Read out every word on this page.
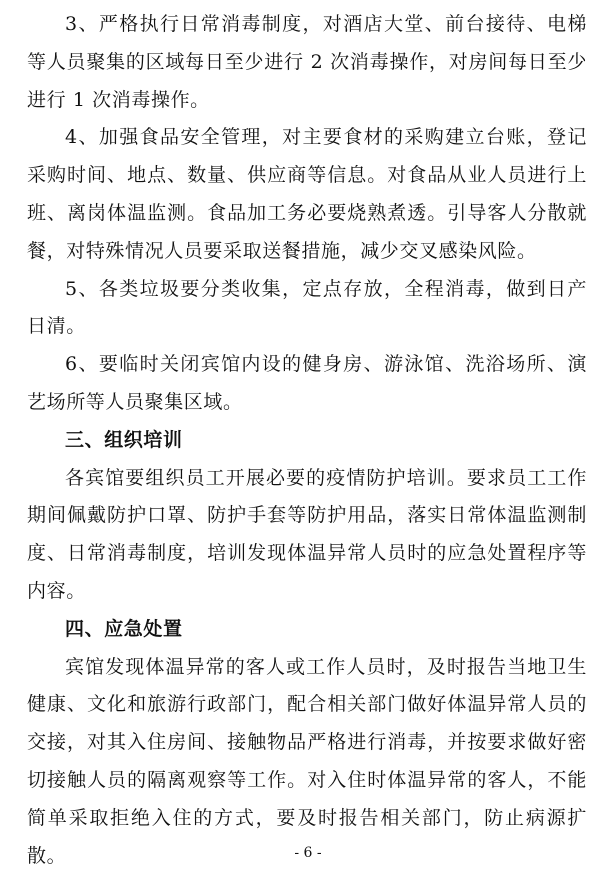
3、严格执行日常消毒制度，对酒店大堂、前台接待、电梯等人员聚集的区域每日至少进行 2 次消毒操作，对房间每日至少进行 1 次消毒操作。

4、加强食品安全管理，对主要食材的采购建立台账，登记采购时间、地点、数量、供应商等信息。对食品从业人员进行上班、离岗体温监测。食品加工务必要烧熟煮透。引导客人分散就餐，对特殊情况人员要采取送餐措施，减少交叉感染风险。

5、各类垃圾要分类收集，定点存放，全程消毒，做到日产日清。

6、要临时关闭宾馆内设的健身房、游泳馆、洗浴场所、演艺场所等人员聚集区域。

三、组织培训

各宾馆要组织员工开展必要的疫情防护培训。要求员工工作期间佩戴防护口罩、防护手套等防护用品，落实日常体温监测制度、日常消毒制度，培训发现体温异常人员时的应急处置程序等内容。

四、应急处置

宾馆发现体温异常的客人或工作人员时，及时报告当地卫生健康、文化和旅游行政部门，配合相关部门做好体温异常人员的交接，对其入住房间、接触物品严格进行消毒，并按要求做好密切接触人员的隔离观察等工作。对入住时体温异常的客人，不能简单采取拒绝入住的方式，要及时报告相关部门，防止病源扩散。	- 6 -
